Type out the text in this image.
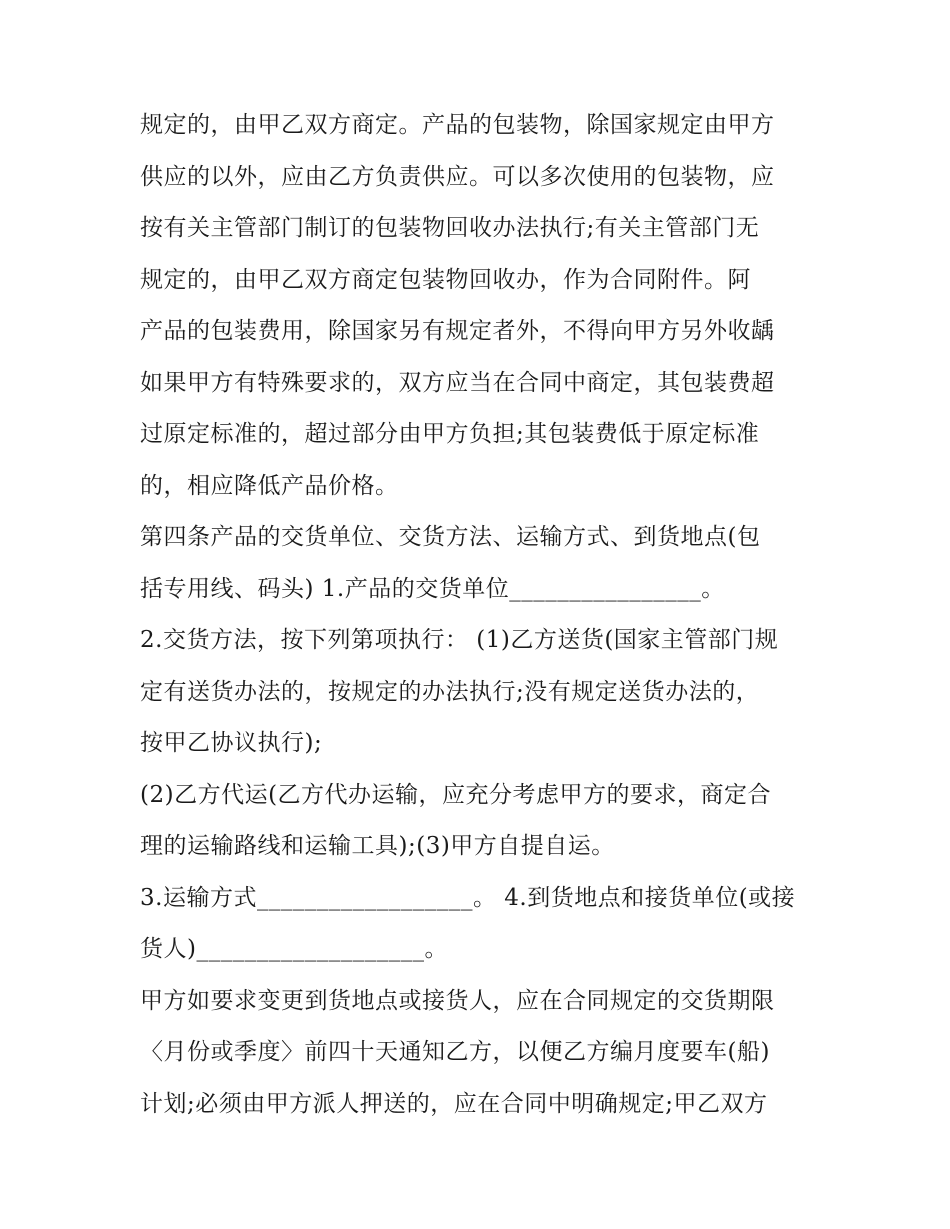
规定的，由甲乙双方商定。产品的包装物，除国家规定由甲方
供应的以外，应由乙方负责供应。可以多次使用的包装物，应
按有关主管部门制订的包装物回收办法执行;有关主管部门无
规定的，由甲乙双方商定包装物回收办，作为合同附件。阿
产品的包装费用，除国家另有规定者外，不得向甲方另外收龋
如果甲方有特殊要求的，双方应当在合同中商定，其包装费超
过原定标准的，超过部分由甲方负担;其包装费低于原定标准
的，相应降低产品价格。
第四条产品的交货单位、交货方法、运输方式、到货地点(包
括专用线、码头) 1.产品的交货单位________________。
2.交货方法，按下列第项执行： (1)乙方送货(国家主管部门规
定有送货办法的，按规定的办法执行;没有规定送货办法的，
按甲乙协议执行);
(2)乙方代运(乙方代办运输，应充分考虑甲方的要求，商定合
理的运输路线和运输工具);(3)甲方自提自运。
3.运输方式__________________。 4.到货地点和接货单位(或接
货人)___________________。
甲方如要求变更到货地点或接货人，应在合同规定的交货期限
〈月份或季度〉前四十天通知乙方，以便乙方编月度要车(船)
计划;必须由甲方派人押送的，应在合同中明确规定;甲乙双方
